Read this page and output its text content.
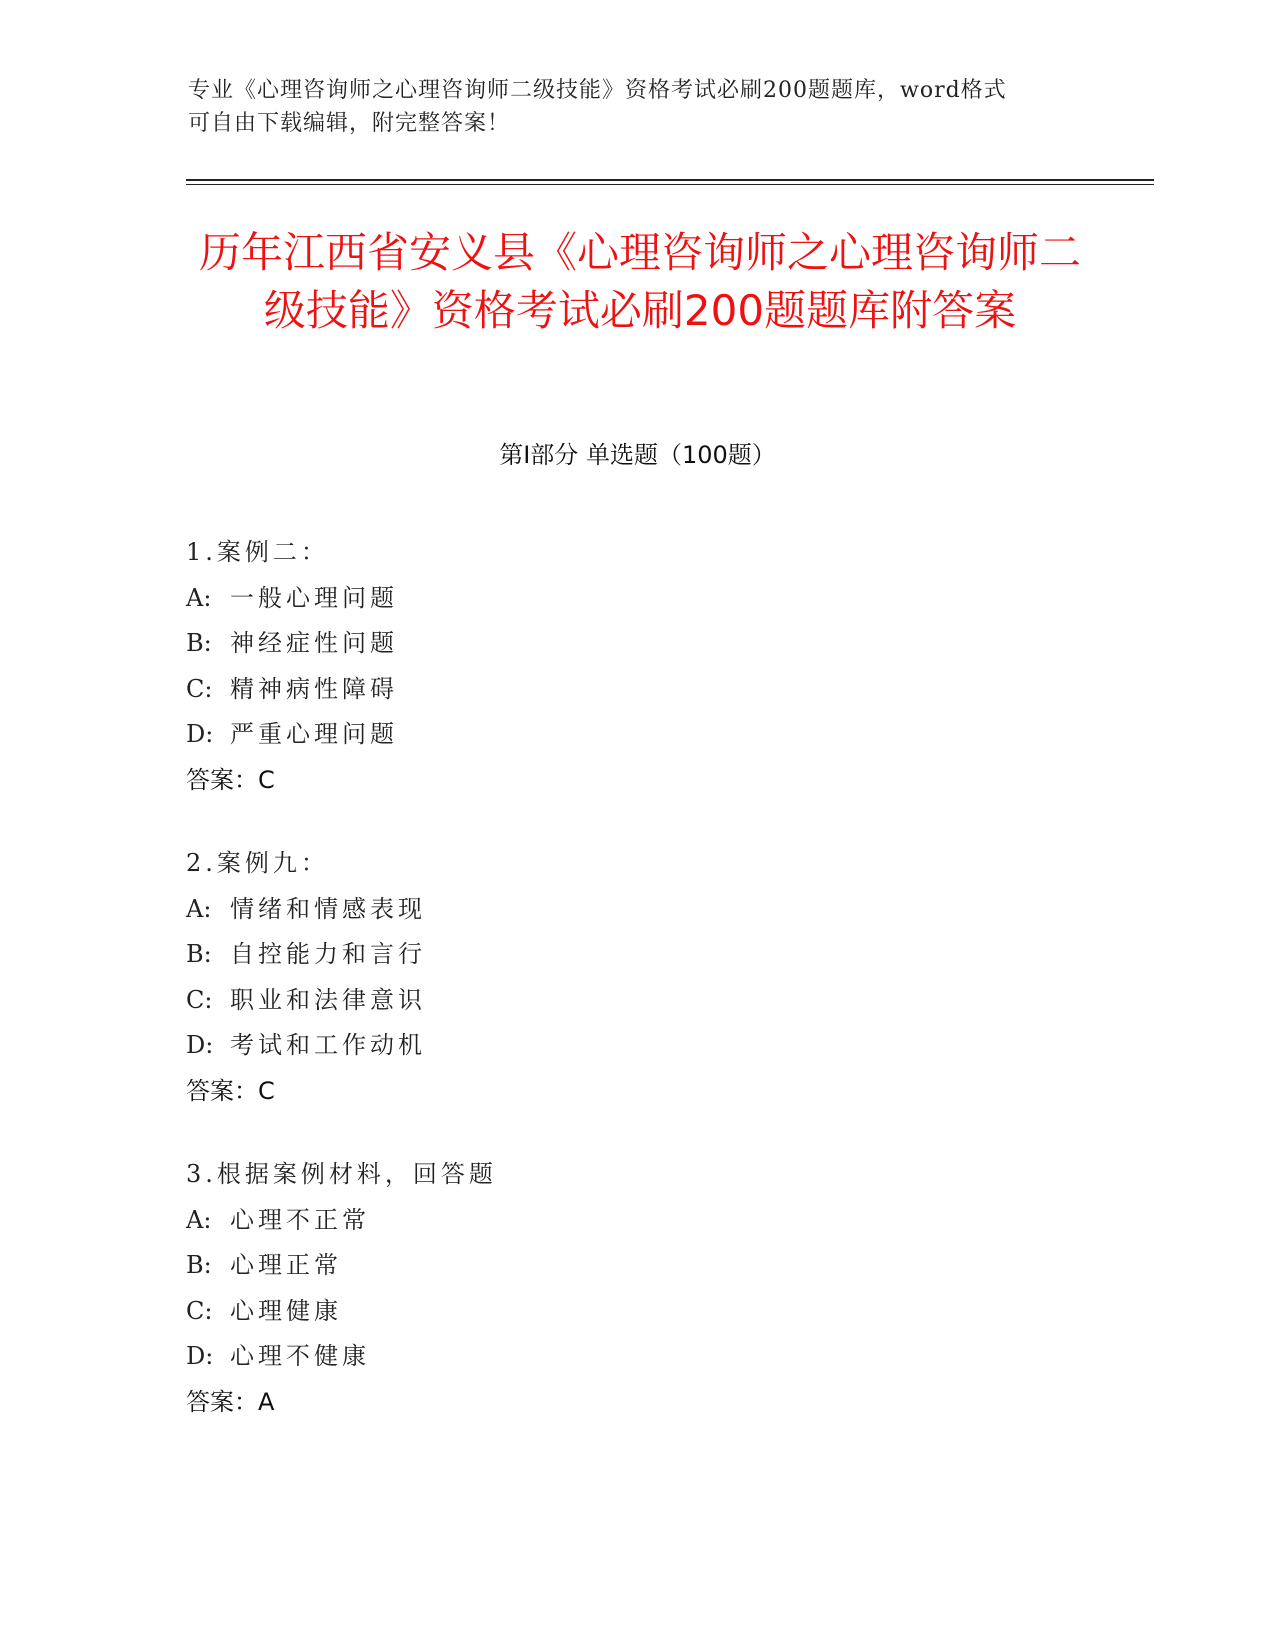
专业《心理咨询师之心理咨询师二级技能》资格考试必刷200题题库，word格式
可自由下载编辑，附完整答案！
历年江西省安义县《心理咨询师之心理咨询师二级技能》资格考试必刷200题题库附答案
第Ⅰ部分 单选题（100题）
1.案例二：
A: 一般心理问题
B: 神经症性问题
C: 精神病性障碍
D: 严重心理问题
答案：C
2.案例九：
A: 情绪和情感表现
B: 自控能力和言行
C: 职业和法律意识
D: 考试和工作动机
答案：C
3.根据案例材料，回答题
A: 心理不正常
B: 心理正常
C: 心理健康
D: 心理不健康
答案：A
